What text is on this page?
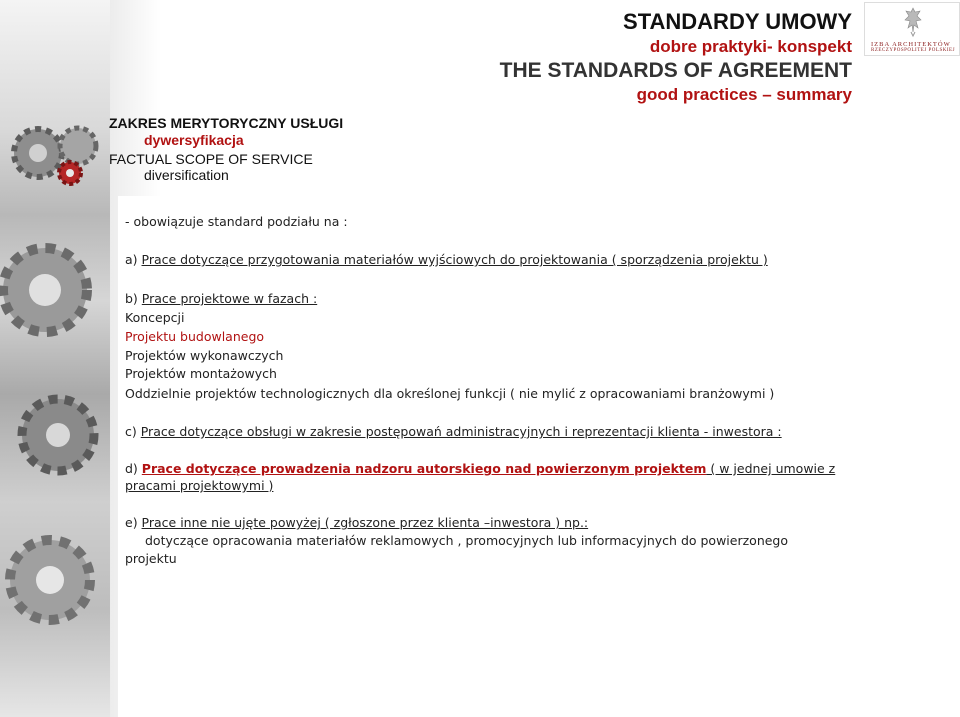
STANDARDY UMOWY
dobre praktyki- konspekt
THE STANDARDS OF AGREEMENT
good practices – summary
IZBA ARCHITEKTÓW
RZECZYPOSPOLITEJ POLSKIEJ
ZAKRES MERYTORYCZNY USŁUGI
dywersyfikacja
FACTUAL SCOPE OF SERVICE
diversification
- obowiązuje standard podziału na :
a) Prace dotyczące przygotowania materiałów wyjściowych do projektowania ( sporządzenia projektu )
b) Prace projektowe w fazach :
Koncepcji
Projektu budowlanego
Projektów wykonawczych
Projektów montażowych
Oddzielnie projektów technologicznych dla określonej funkcji ( nie mylić z opracowaniami branżowymi )
c) Prace dotyczące obsługi w zakresie postępowań administracyjnych i reprezentacji klienta - inwestora :
d) Prace dotyczące prowadzenia nadzoru autorskiego nad powierzonym projektem ( w jednej umowie z
pracami projektowymi )
e) Prace inne nie ujęte powyżej ( zgłoszone przez klienta –inwestora ) np.:
dotyczące opracowania materiałów reklamowych , promocyjnych lub informacyjnych do powierzonego
projektu
